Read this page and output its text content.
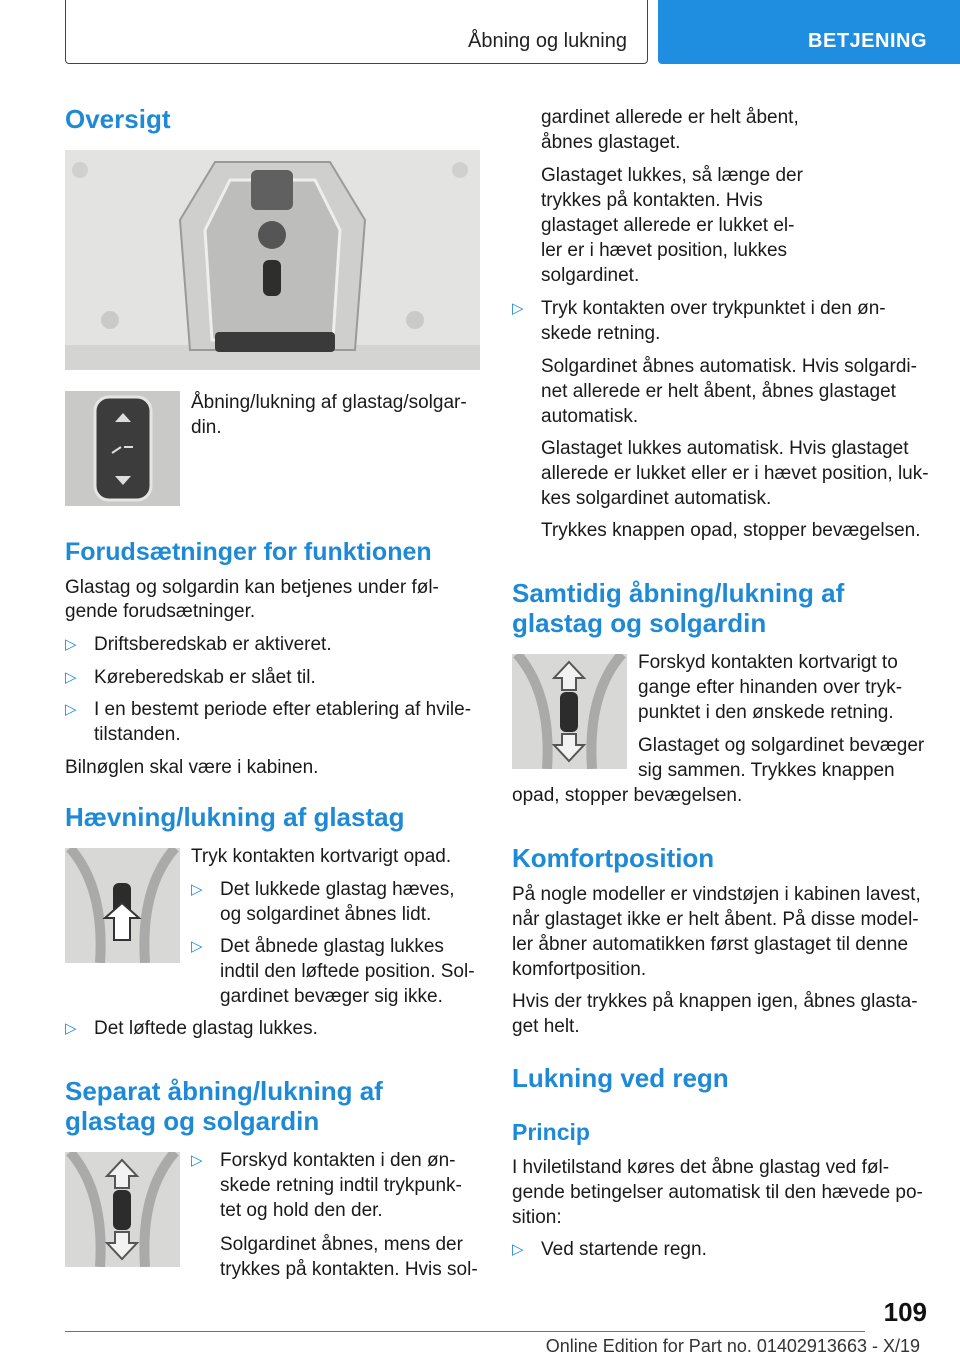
Åbning og lukning	BETJENING
Oversigt

Åbning/lukning af glastag/solgar-

din.

Forudsætninger for funktionen

Glastag og solgardin kan betjenes under føl-

gende forudsætninger.

▷ Driftsberedskab er aktiveret.
▷ Køreberedskab er slået til.
▷ I en bestemt periode efter etablering af hvile-
tilstanden.

Bilnøglen skal være i kabinen.

Hævning/lukning af glastag

Tryk kontakten kortvarigt opad.

▷ Det lukkede glastag hæves,
og solgardinet åbnes lidt.
▷ Det åbnede glastag lukkes
indtil den løftede position. Sol-
gardinet bevæger sig ikke.
▷ Det løftede glastag lukkes.
Separat åbning/lukning af
glastag og solgardin
▷ Forskyd kontakten i den øn-
skede retning indtil trykpunk-
tet og hold den der.

Solgardinet åbnes, mens der

trykkes på kontakten. Hvis sol-

gardinet allerede er helt åbent,

åbnes glastaget.

Glastaget lukkes, så længe der

trykkes på kontakten. Hvis

glastaget allerede er lukket el-

ler er i hævet position, lukkes

solgardinet.

▷ Tryk kontakten over trykpunktet i den øn-
skede retning.

Solgardinet åbnes automatisk. Hvis solgardi-

net allerede er helt åbent, åbnes glastaget

automatisk.

Glastaget lukkes automatisk. Hvis glastaget

allerede er lukket eller er i hævet position, luk-

kes solgardinet automatisk.

Trykkes knappen opad, stopper bevægelsen.

Samtidig åbning/lukning af
glastag og solgardin

Forskyd kontakten kortvarigt to

gange efter hinanden over tryk-

punktet i den ønskede retning.

Glastaget og solgardinet bevæger

sig sammen. Trykkes knappen

opad, stopper bevægelsen.

Komfortposition

På nogle modeller er vindstøjen i kabinen lavest,

når glastaget ikke er helt åbent. På disse model-

ler åbner automatikken først glastaget til denne

komfortposition.

Hvis der trykkes på knappen igen, åbnes glasta-

get helt.

Lukning ved regn
Princip

I hviletilstand køres det åbne glastag ved føl-

gende betingelser automatisk til den hævede po-

sition:

▷ Ved startende regn.
109
Online Edition for Part no. 01402913663 - X/19
